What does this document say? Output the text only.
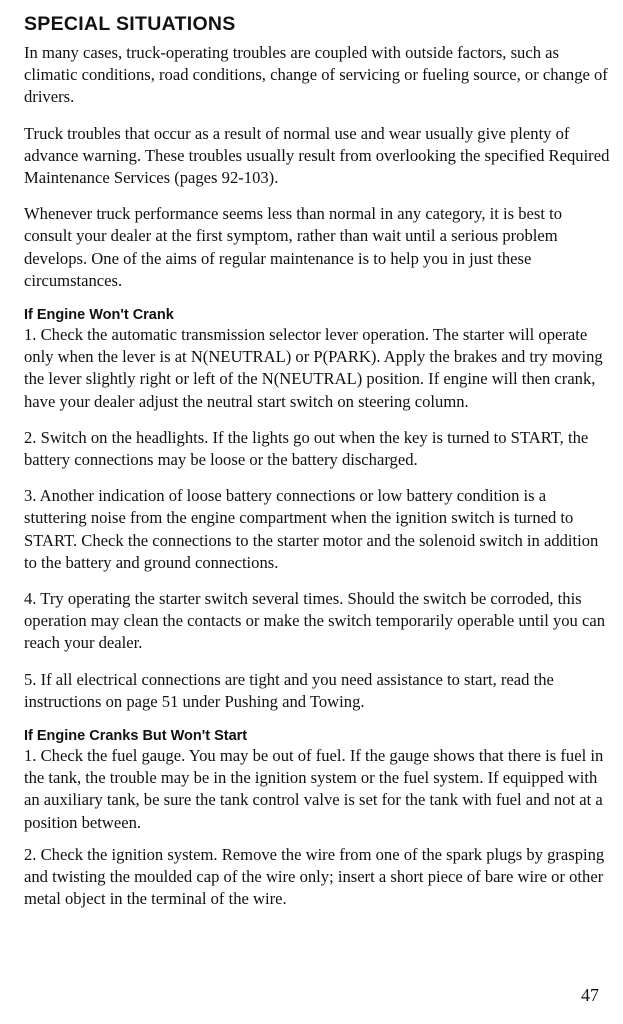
SPECIAL SITUATIONS

In many cases, truck-operating troubles are coupled with outside factors, such as climatic conditions, road conditions, change of servicing or fueling source, or change of drivers.

Truck troubles that occur as a result of normal use and wear usually give plenty of advance warning. These troubles usually result from overlooking the specified Required Maintenance Services (pages 92-103).

Whenever truck performance seems less than normal in any category, it is best to consult your dealer at the first symptom, rather than wait until a serious problem develops. One of the aims of regular maintenance is to help you in just these circumstances.

If Engine Won't Crank

1. Check the automatic transmission selector lever operation. The starter will operate only when the lever is at N(NEUTRAL) or P(PARK). Apply the brakes and try moving the lever slightly right or left of the N(NEUTRAL) position. If engine will then crank, have your dealer adjust the neutral start switch on steering column.

2. Switch on the headlights. If the lights go out when the key is turned to START, the battery connections may be loose or the battery discharged.

3. Another indication of loose battery connections or low battery condition is a stuttering noise from the engine compartment when the ignition switch is turned to START. Check the connections to the starter motor and the solenoid switch in addition to the battery and ground connections.

4. Try operating the starter switch several times. Should the switch be corroded, this operation may clean the contacts or make the switch temporarily operable until you can reach your dealer.

5. If all electrical connections are tight and you need assistance to start, read the instructions on page 51 under Pushing and Towing.

If Engine Cranks But Won't Start

1. Check the fuel gauge. You may be out of fuel. If the gauge shows that there is fuel in the tank, the trouble may be in the ignition system or the fuel system. If equipped with an auxiliary tank, be sure the tank control valve is set for the tank with fuel and not at a position between.

2. Check the ignition system. Remove the wire from one of the spark plugs by grasping and twisting the moulded cap of the wire only; insert a short piece of bare wire or other metal object in the terminal of the wire.

47
